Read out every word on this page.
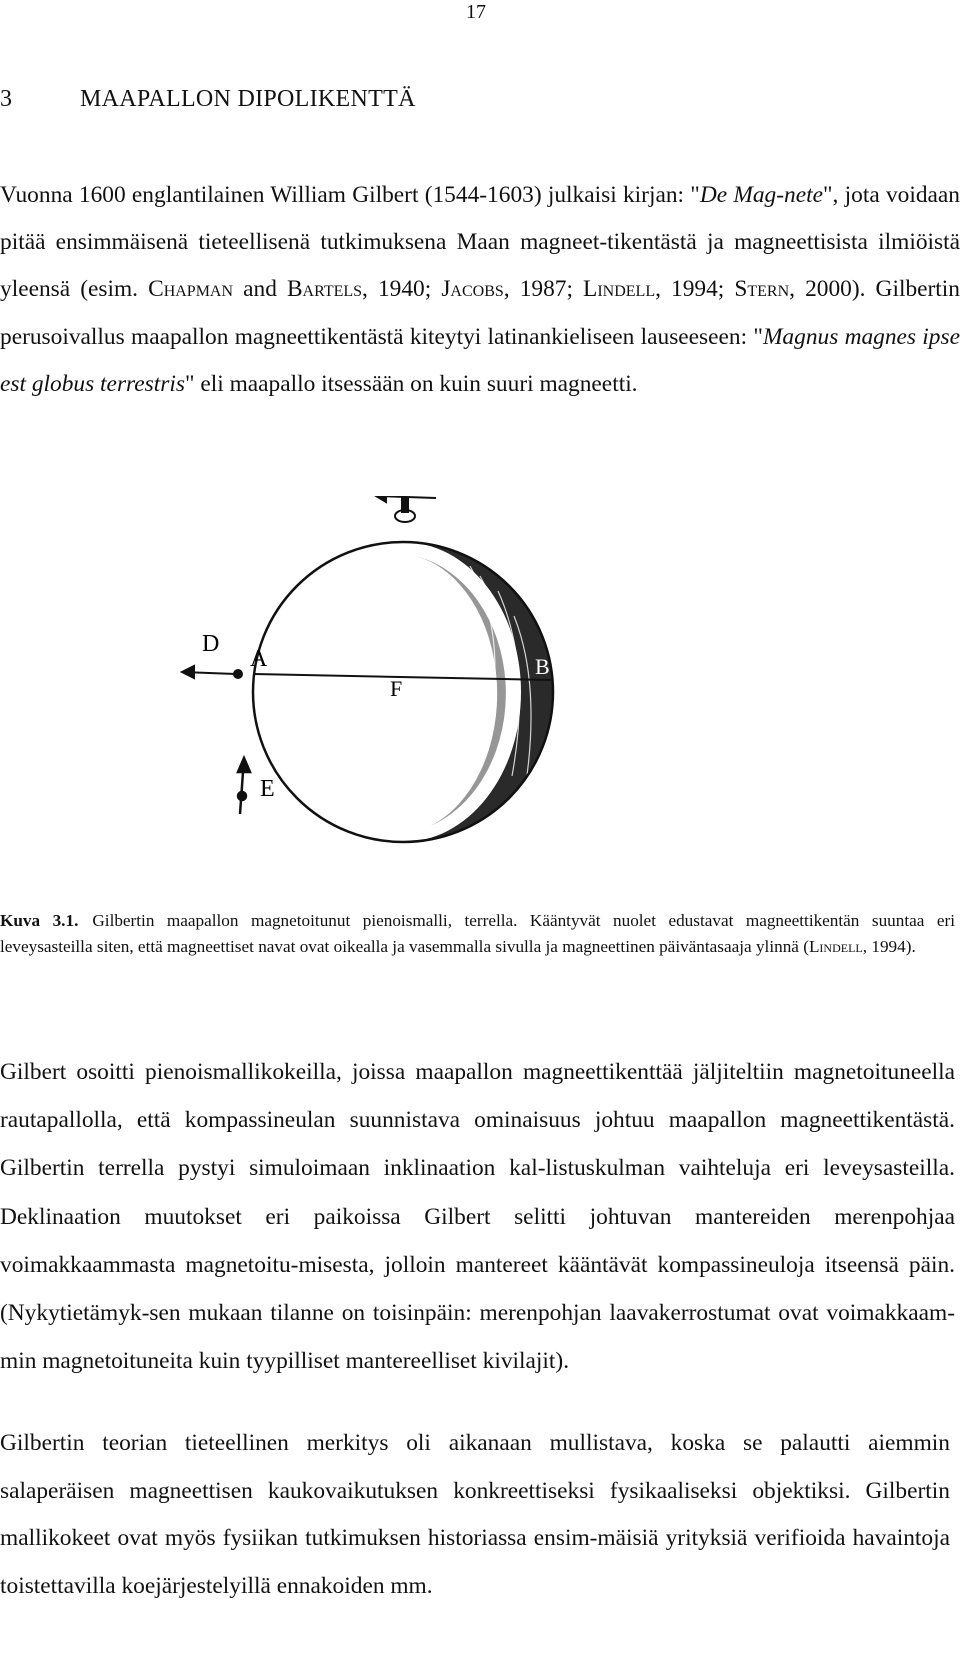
17
3	MAAPALLON DIPOLIKENTTÄ
Vuonna 1600 englantilainen William Gilbert (1544-1603) julkaisi kirjan: "De Mag-nete", jota voidaan pitää ensimmäisenä tieteellisenä tutkimuksena Maan magneet-tikentästä ja magneettisista ilmiöistä yleensä (esim. Chapman and Bartels, 1940; Jacobs, 1987; Lindell, 1994; Stern, 2000). Gilbertin perusoivallus maapallon magneettikentästä kiteytyi latinankieliseen lauseeseen: "Magnus magnes ipse est globus terrestris" eli maapallo itsessään on kuin suuri magneetti.
D
A	B
F
E
Kuva 3.1. Gilbertin maapallon magnetoitunut pienoismalli, terrella. Kääntyvät nuolet edustavat magneettikentän suuntaa eri leveysasteilla siten, että magneettiset navat ovat oikealla ja vasemmalla sivulla ja magneettinen päiväntasaaja ylinnä (Lindell, 1994).
Gilbert osoitti pienoismallikokeilla, joissa maapallon magneettikenttää jäljiteltiin magnetoituneella rautapallolla, että kompassineulan suunnistava ominaisuus johtuu maapallon magneettikentästä. Gilbertin terrella pystyi simuloimaan inklinaation kal-listuskulman vaihteluja eri leveysasteilla. Deklinaation muutokset eri paikoissa Gilbert selitti johtuvan mantereiden merenpohjaa voimakkaammasta magnetoitu-misesta, jolloin mantereet kääntävät kompassineuloja itseensä päin. (Nykytietämyk-sen mukaan tilanne on toisinpäin: merenpohjan laavakerrostumat ovat voimakkaam-min magnetoituneita kuin tyypilliset mantereelliset kivilajit).
Gilbertin teorian tieteellinen merkitys oli aikanaan mullistava, koska se palautti aiemmin salaperäisen magneettisen kaukovaikutuksen konkreettiseksi fysikaaliseksi objektiksi. Gilbertin mallikokeet ovat myös fysiikan tutkimuksen historiassa ensim-mäisiä yrityksiä verifioida havaintoja toistettavilla koejärjestelyillä ennakoiden mm.
